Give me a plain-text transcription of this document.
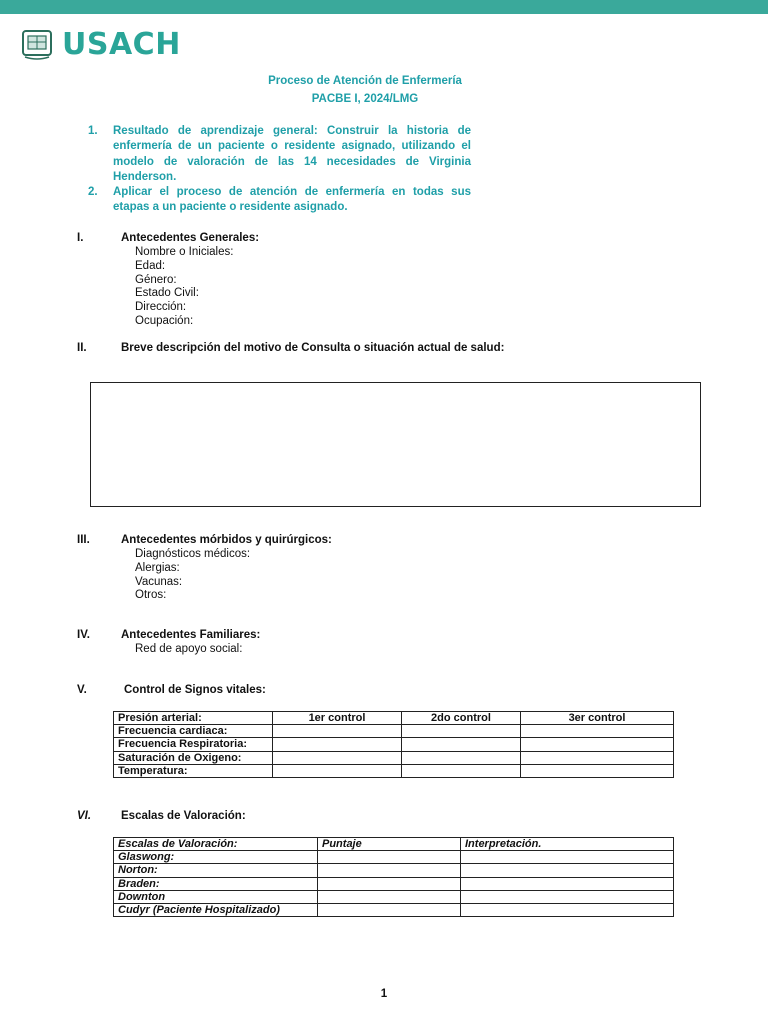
USACH
Proceso de Atención de Enfermería
PACBE I, 2024/LMG
1.	Resultado de aprendizaje general: Construir la historia de enfermería de un paciente o residente asignado, utilizando el modelo de valoración de las 14 necesidades de Virginia Henderson.
2.	Aplicar el proceso de atención de enfermería en todas sus etapas a un paciente o residente asignado.
I.	Antecedentes Generales:
Nombre o Iniciales:
Edad:
Género:
Estado Civil:
Dirección:
Ocupación:
II.	Breve descripción del motivo de Consulta o situación actual de salud:
III.	Antecedentes mórbidos y quirúrgicos:
Diagnósticos médicos:
Alergias:
Vacunas:
Otros:
IV.	Antecedentes Familiares:
Red de apoyo social:
V.	Control de Signos vitales:
Presión arterial:	1er control	2do control	3er control
Frecuencia cardiaca:			
Frecuencia Respiratoria:			
Saturación de Oxigeno:			
Temperatura:			
VI.	Escalas de Valoración:
Escalas de Valoración:	Puntaje	Interpretación.
Glaswong:		
Norton:		
Braden:		
Downton		
Cudyr (Paciente Hospitalizado)		
1
